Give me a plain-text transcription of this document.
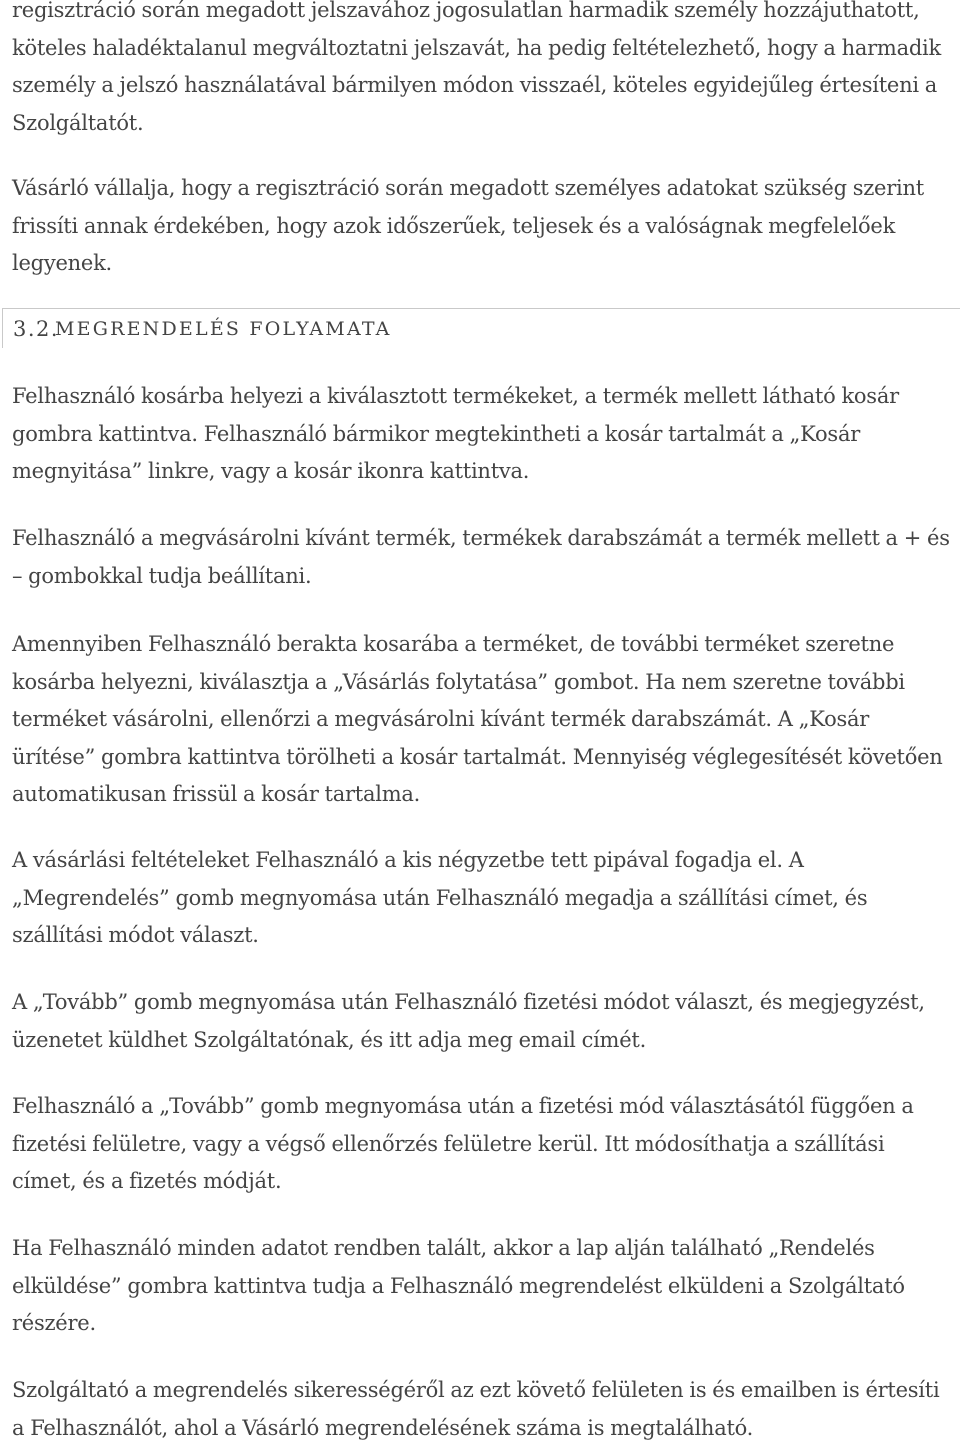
regisztráció során megadott jelszavához jogosulatlan harmadik személy hozzájuthatott, köteles haladéktalanul megváltoztatni jelszavát, ha pedig feltételezhető, hogy a harmadik személy a jelszó használatával bármilyen módon visszaél, köteles egyidejűleg értesíteni a Szolgáltatót.

Vásárló vállalja, hogy a regisztráció során megadott személyes adatokat szükség szerint frissíti annak érdekében, hogy azok időszerűek, teljesek és a valóságnak megfelelőek legyenek.

3.2.
MEGRENDELÉS FOLYAMATA

Felhasználó kosárba helyezi a kiválasztott termékeket, a termék mellett látható kosár gombra kattintva. Felhasználó bármikor megtekintheti a kosár tartalmát a „Kosár megnyitása” linkre, vagy a kosár ikonra kattintva.

Felhasználó a megvásárolni kívánt termék, termékek darabszámát a termék mellett a + és – gombokkal tudja beállítani.

Amennyiben Felhasználó berakta kosarába a terméket, de további terméket szeretne kosárba helyezni, kiválasztja a „Vásárlás folytatása” gombot. Ha nem szeretne további terméket vásárolni, ellenőrzi a megvásárolni kívánt termék darabszámát. A „Kosár ürítése” gombra kattintva törölheti a kosár tartalmát. Mennyiség véglegesítését követően automatikusan frissül a kosár tartalma.

A vásárlási feltételeket Felhasználó a kis négyzetbe tett pipával fogadja el. A „Megrendelés” gomb megnyomása után Felhasználó megadja a szállítási címet, és szállítási módot választ.

A „Tovább” gomb megnyomása után Felhasználó fizetési módot választ, és megjegyzést, üzenetet küldhet Szolgáltatónak, és itt adja meg email címét.

Felhasználó a „Tovább” gomb megnyomása után a fizetési mód választásától függően a fizetési felületre, vagy a végső ellenőrzés felületre kerül. Itt módosíthatja a szállítási címet, és a fizetés módját.

Ha Felhasználó minden adatot rendben talált, akkor a lap alján található „Rendelés elküldése” gombra kattintva tudja a Felhasználó megrendelést elküldeni a Szolgáltató részére.

Szolgáltató a megrendelés sikerességéről az ezt követő felületen is és emailben is értesíti a Felhasználót, ahol a Vásárló megrendelésének száma is megtalálható.
